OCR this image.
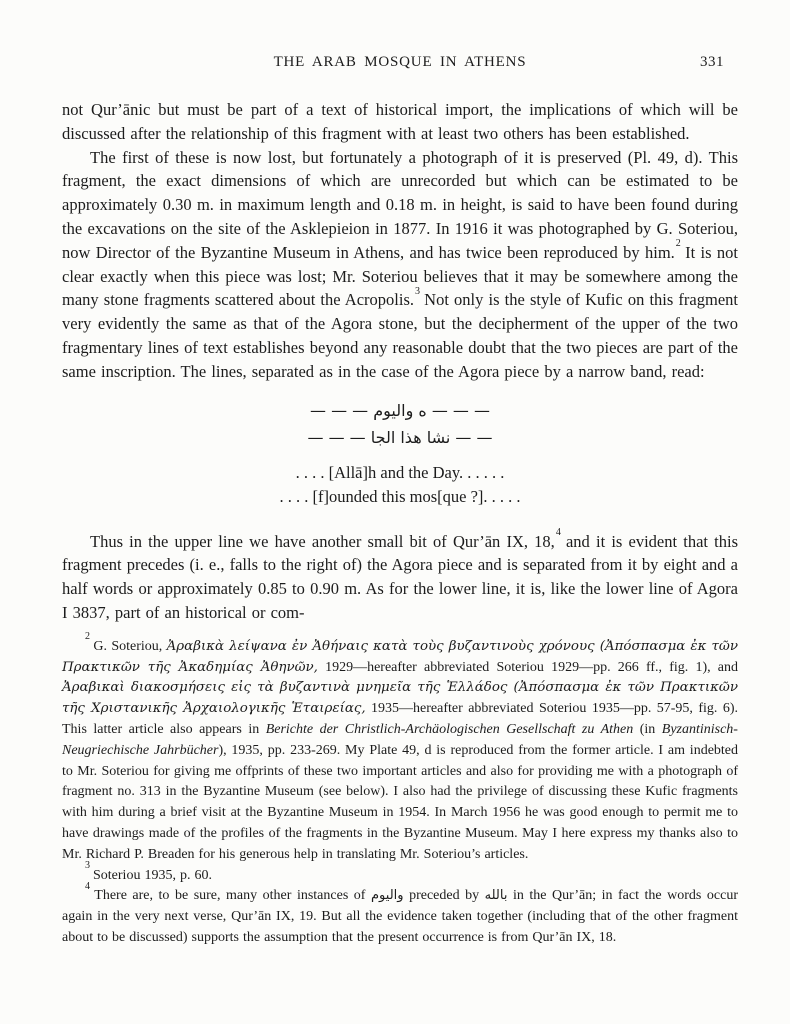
THE ARAB MOSQUE IN ATHENS	331

not Qur’ānic but must be part of a text of historical import, the implications of which will be discussed after the relationship of this fragment with at least two others has been established.

The first of these is now lost, but fortunately a photograph of it is preserved (Pl. 49, d). This fragment, the exact dimensions of which are unrecorded but which can be estimated to be approximately 0.30 m. in maximum length and 0.18 m. in height, is said to have been found during the excavations on the site of the Asklepieion in 1877. In 1916 it was photographed by G. Soteriou, now Director of the Byzantine Museum in Athens, and has twice been reproduced by him.$^2$ It is not clear exactly when this piece was lost; Mr. Soteriou believes that it may be somewhere among the many stone fragments scattered about the Acropolis.$^3$ Not only is the style of Kufic on this fragment very evidently the same as that of the Agora stone, but the decipherment of the upper of the two fragmentary lines of text establishes beyond any reasonable doubt that the two pieces are part of the same inscription. The lines, separated as in the case of the Agora piece by a narrow band, read:

— — — ه واليوم — — —
— — نشا هذا الجا — — —
. . . . [Allā]h and the Day. . . . . .
. . . . [f]ounded this mos[que ?]. . . . .

Thus in the upper line we have another small bit of Qur’ān IX, 18,$^4$ and it is evident that this fragment precedes (i. e., falls to the right of) the Agora piece and is separated from it by eight and a half words or approximately 0.85 to 0.90 m. As for the lower line, it is, like the lower line of Agora I 3837, part of an historical or com-

$^2$ G. Soteriou, Ἀραβικὰ λείψανα ἐν Ἀθήναις κατὰ τοὺς βυζαντινοὺς χρόνους (Ἀπόσπασμα ἐκ τῶν Πρακτικῶν τῆς Ἀκαδημίας Ἀθηνῶν, 1929—hereafter abbreviated Soteriou 1929—pp. 266 ff., fig. 1), and Ἀραβικαὶ διακοσμήσεις εἰς τὰ βυζαντινὰ μνημεῖα τῆς Ἑλλάδος (Ἀπόσπασμα ἐκ τῶν Πρακτικῶν τῆς Χριστανικῆς Ἀρχαιολογικῆς Ἑταιρείας, 1935—hereafter abbreviated Soteriou 1935—pp. 57-95, fig. 6). This latter article also appears in Berichte der Christlich-Archäologischen Gesellschaft zu Athen (in Byzantinisch-Neugriechische Jahrbücher), 1935, pp. 233-269. My Plate 49, d is reproduced from the former article. I am indebted to Mr. Soteriou for giving me offprints of these two important articles and also for providing me with a photograph of fragment no. 313 in the Byzantine Museum (see below). I also had the privilege of discussing these Kufic fragments with him during a brief visit at the Byzantine Museum in 1954. In March 1956 he was good enough to permit me to have drawings made of the profiles of the fragments in the Byzantine Museum. May I here express my thanks also to Mr. Richard P. Breaden for his generous help in translating Mr. Soteriou’s articles.

$^3$ Soteriou 1935, p. 60.

$^4$ There are, to be sure, many other instances of واليوم preceded by بالله in the Qur’ān; in fact the words occur again in the very next verse, Qur’ān IX, 19. But all the evidence taken together (including that of the other fragment about to be discussed) supports the assumption that the present occurrence is from Qur’ān IX, 18.
